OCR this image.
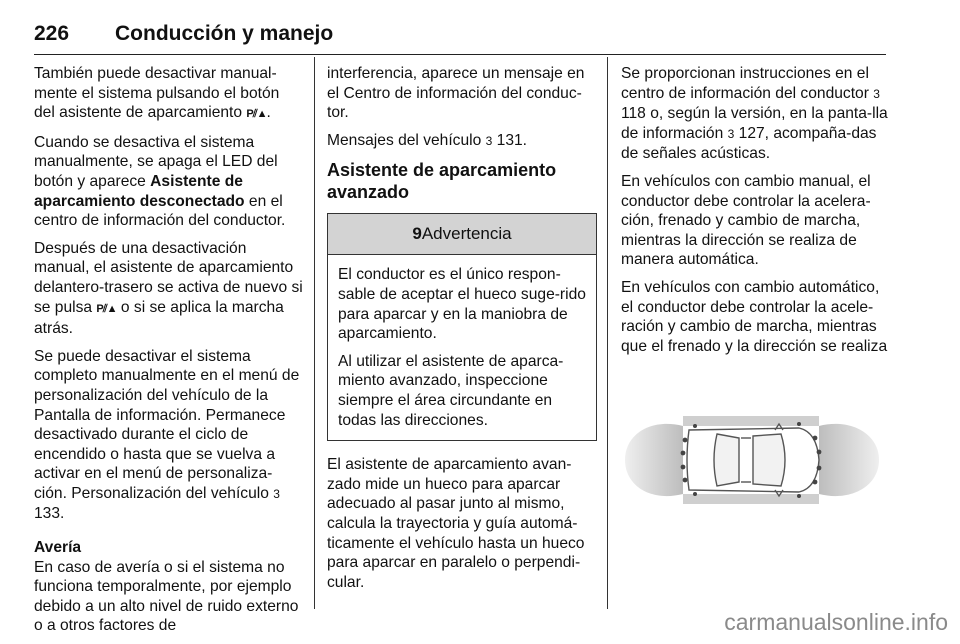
226 Conducción y manejo

También puede desactivar manual-mente el sistema pulsando el botón del asistente de aparcamiento P⫽▲.

Cuando se desactiva el sistema manualmente, se apaga el LED del botón y aparece Asistente de aparcamiento desconectado en el centro de información del conductor.

Después de una desactivación manual, el asistente de aparcamiento delantero-trasero se activa de nuevo si se pulsa P⫽▲ o si se aplica la marcha atrás.

Se puede desactivar el sistema completo manualmente en el menú de personalización del vehículo de la Pantalla de información. Permanece desactivado durante el ciclo de encendido o hasta que se vuelva a activar en el menú de personaliza-ción. Personalización del vehículo 3 133.

Avería

En caso de avería o si el sistema no funciona temporalmente, por ejemplo debido a un alto nivel de ruido externo o a otros factores de

interferencia, aparece un mensaje en el Centro de información del conduc-tor.

Mensajes del vehículo 3 131.

Asistente de aparcamiento avanzado
9Advertencia

El conductor es el único respon-sable de aceptar el hueco suge-rido para aparcar y en la maniobra de aparcamiento.

Al utilizar el asistente de aparca-miento avanzado, inspeccione siempre el área circundante en todas las direcciones.

El asistente de aparcamiento avan-zado mide un hueco para aparcar adecuado al pasar junto al mismo, calcula la trayectoria y guía automá-ticamente el vehículo hasta un hueco para aparcar en paralelo o perpendi-cular.

Se proporcionan instrucciones en el centro de información del conductor 3 118 o, según la versión, en la panta-lla de información 3 127, acompaña-das de señales acústicas.

En vehículos con cambio manual, el conductor debe controlar la acelera-ción, frenado y cambio de marcha, mientras la dirección se realiza de manera automática.

En vehículos con cambio automático, el conductor debe controlar la acele-ración y cambio de marcha, mientras que el frenado y la dirección se realiza

carmanualsonline.info
